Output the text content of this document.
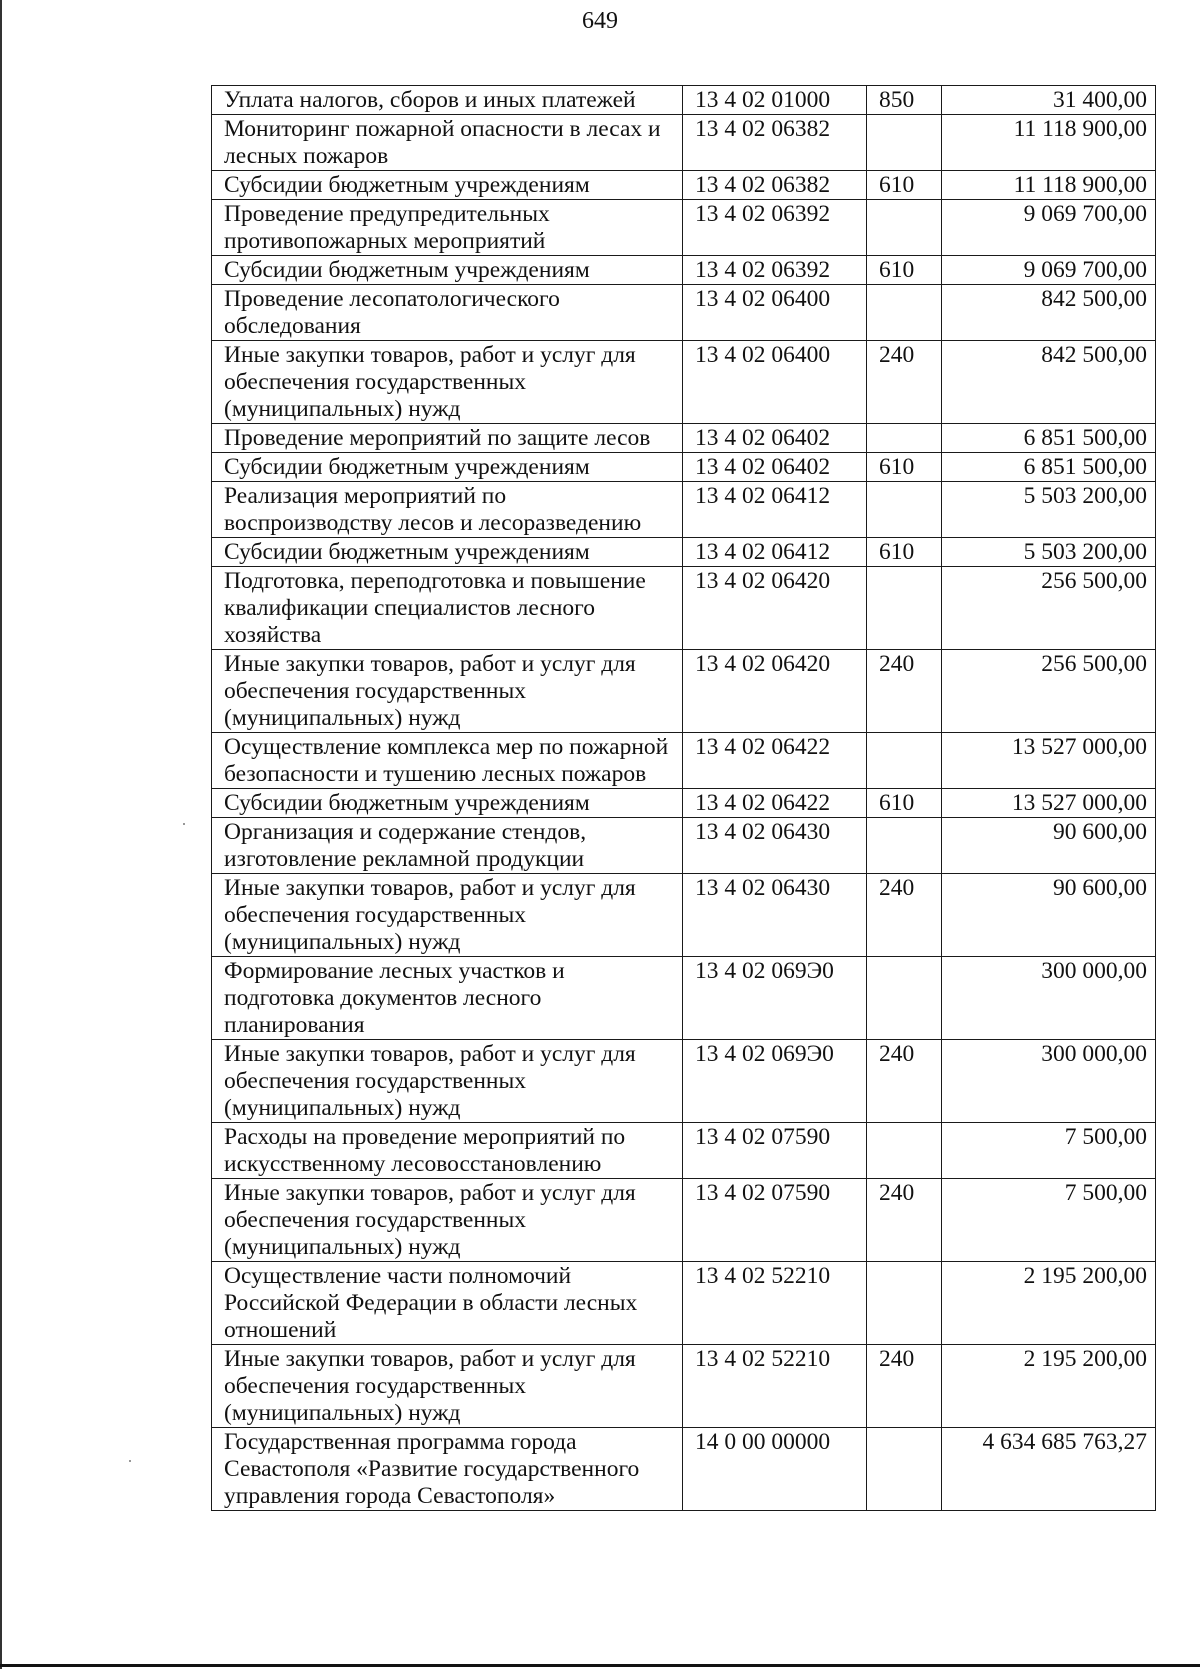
649
Уплата налогов, сборов и иных платежей	13 4 02 01000	850	31 400,00
Мониторинг пожарной опасности в лесах и лесных пожаров	13 4 02 06382		11 118 900,00
Субсидии бюджетным учреждениям	13 4 02 06382	610	11 118 900,00
Проведение предупредительных противопожарных мероприятий	13 4 02 06392		9 069 700,00
Субсидии бюджетным учреждениям	13 4 02 06392	610	9 069 700,00
Проведение лесопатологического обследования	13 4 02 06400		842 500,00
Иные закупки товаров, работ и услуг для обеспечения государственных (муниципальных) нужд	13 4 02 06400	240	842 500,00
Проведение мероприятий по защите лесов	13 4 02 06402		6 851 500,00
Субсидии бюджетным учреждениям	13 4 02 06402	610	6 851 500,00
Реализация мероприятий по воспроизводству лесов и лесоразведению	13 4 02 06412		5 503 200,00
Субсидии бюджетным учреждениям	13 4 02 06412	610	5 503 200,00
Подготовка, переподготовка и повышение квалификации специалистов лесного хозяйства	13 4 02 06420		256 500,00
Иные закупки товаров, работ и услуг для обеспечения государственных (муниципальных) нужд	13 4 02 06420	240	256 500,00
Осуществление комплекса мер по пожарной безопасности и тушению лесных пожаров	13 4 02 06422		13 527 000,00
Субсидии бюджетным учреждениям	13 4 02 06422	610	13 527 000,00
Организация и содержание стендов, изготовление рекламной продукции	13 4 02 06430		90 600,00
Иные закупки товаров, работ и услуг для обеспечения государственных (муниципальных) нужд	13 4 02 06430	240	90 600,00
Формирование лесных участков и подготовка документов лесного планирования	13 4 02 069Э0		300 000,00
Иные закупки товаров, работ и услуг для обеспечения государственных (муниципальных) нужд	13 4 02 069Э0	240	300 000,00
Расходы на проведение мероприятий по искусственному лесовосстановлению	13 4 02 07590		7 500,00
Иные закупки товаров, работ и услуг для обеспечения государственных (муниципальных) нужд	13 4 02 07590	240	7 500,00
Осуществление части полномочий Российской Федерации в области лесных отношений	13 4 02 52210		2 195 200,00
Иные закупки товаров, работ и услуг для обеспечения государственных (муниципальных) нужд	13 4 02 52210	240	2 195 200,00
Государственная программа города Севастополя «Развитие государственного управления города Севастополя»	14 0 00 00000		4 634 685 763,27
